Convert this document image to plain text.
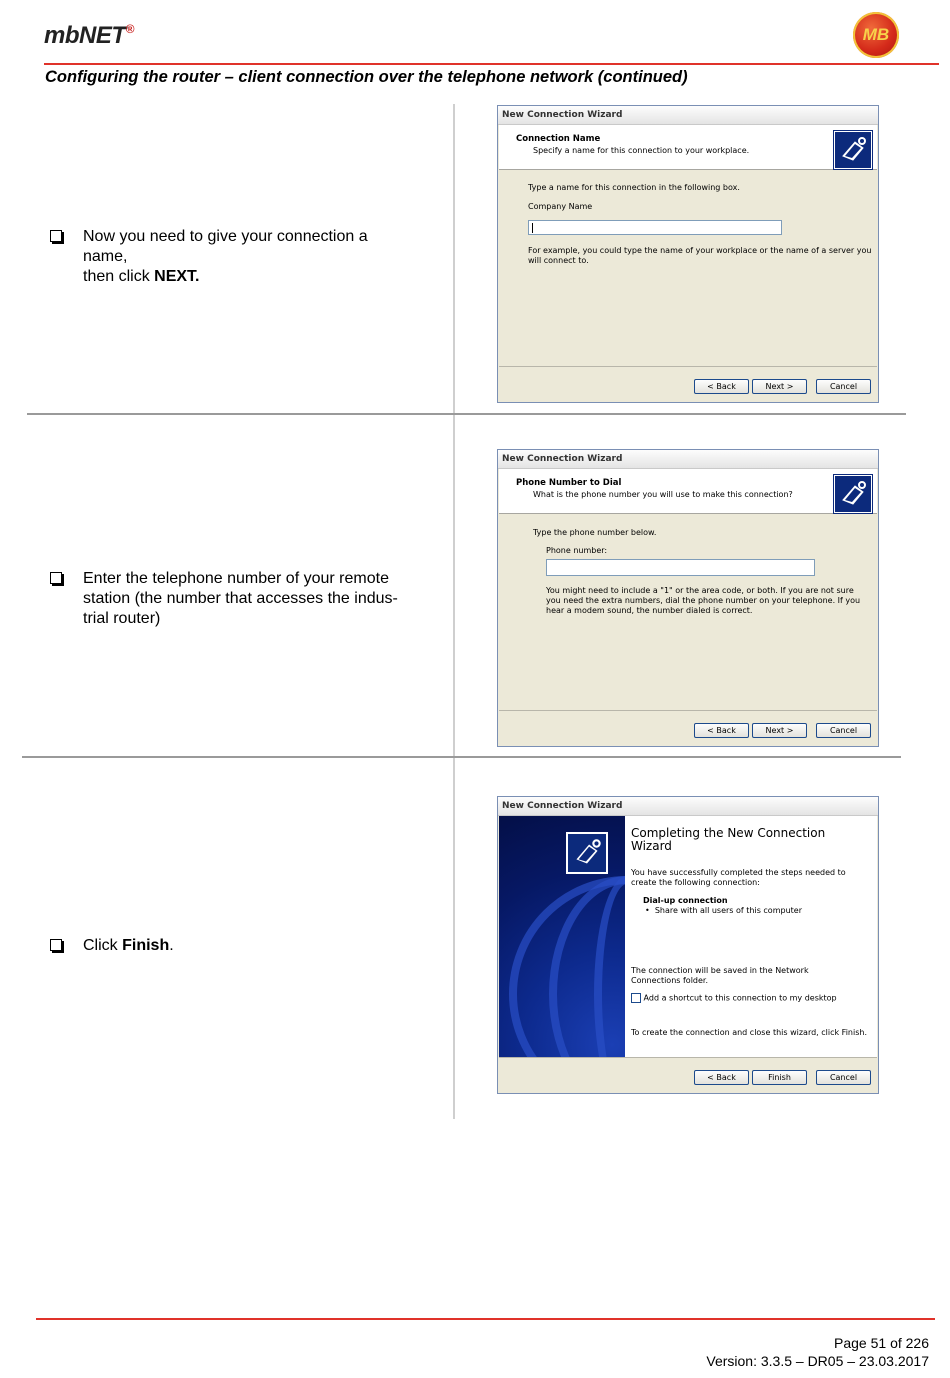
mbNET®	MB
Configuring the router – client connection over the telephone network (continued)
Now you need to give your connection a
name,
then click NEXT.
Enter the telephone number of your remote
station (the number that accesses the indus-
trial router)
Click Finish.
New Connection Wizard
Connection Name
Specify a name for this connection to your workplace.
Type a name for this connection in the following box.
Company Name
For example, you could type the name of your workplace or the name of a server you
will connect to.
< Back	Next >	Cancel
New Connection Wizard
Phone Number to Dial
What is the phone number you will use to make this connection?
Type the phone number below.
Phone number:
You might need to include a "1" or the area code, or both. If you are not sure
you need the extra numbers, dial the phone number on your telephone. If you
hear a modem sound, the number dialed is correct.
< Back	Next >	Cancel
New Connection Wizard
Completing the New Connection
Wizard
You have successfully completed the steps needed to
create the following connection:
Dial-up connection
•  Share with all users of this computer
The connection will be saved in the Network
Connections folder.
Add a shortcut to this connection to my desktop
To create the connection and close this wizard, click Finish.
< Back	Finish	Cancel
Page 51 of 226
Version: 3.3.5 – DR05 – 23.03.2017
